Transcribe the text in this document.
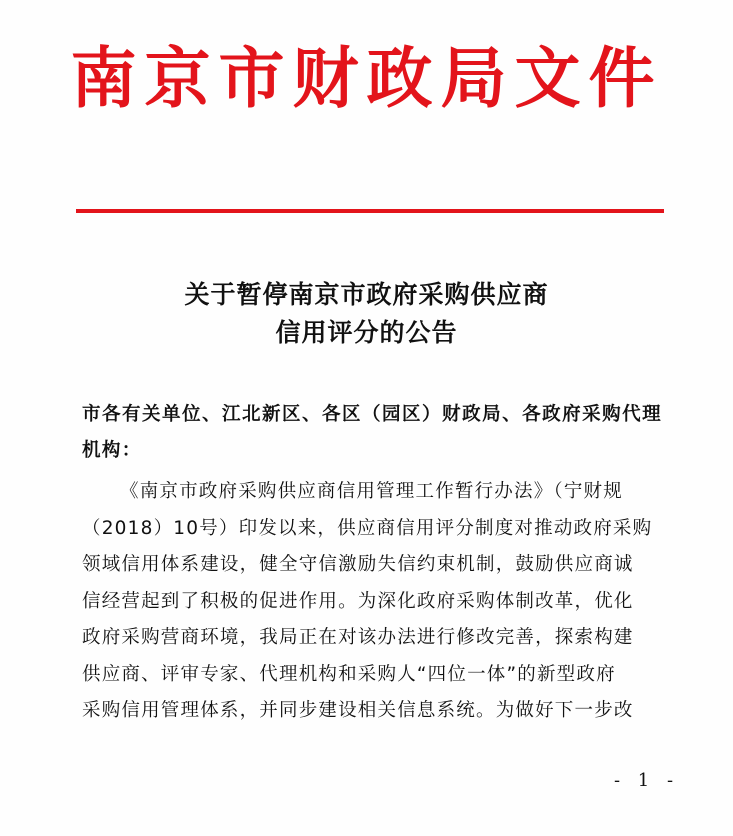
南京市财政局文件
关于暂停南京市政府采购供应商
信用评分的公告
市各有关单位、江北新区、各区（园区）财政局、各政府采购代理机构：
《南京市政府采购供应商信用管理工作暂行办法》（宁财规
（2018）10号）印发以来，供应商信用评分制度对推动政府采购
领域信用体系建设，健全守信激励失信约束机制，鼓励供应商诚
信经营起到了积极的促进作用。为深化政府采购体制改革，优化
政府采购营商环境，我局正在对该办法进行修改完善，探索构建
供应商、评审专家、代理机构和采购人“四位一体”的新型政府
采购信用管理体系，并同步建设相关信息系统。为做好下一步改
- 1 -
